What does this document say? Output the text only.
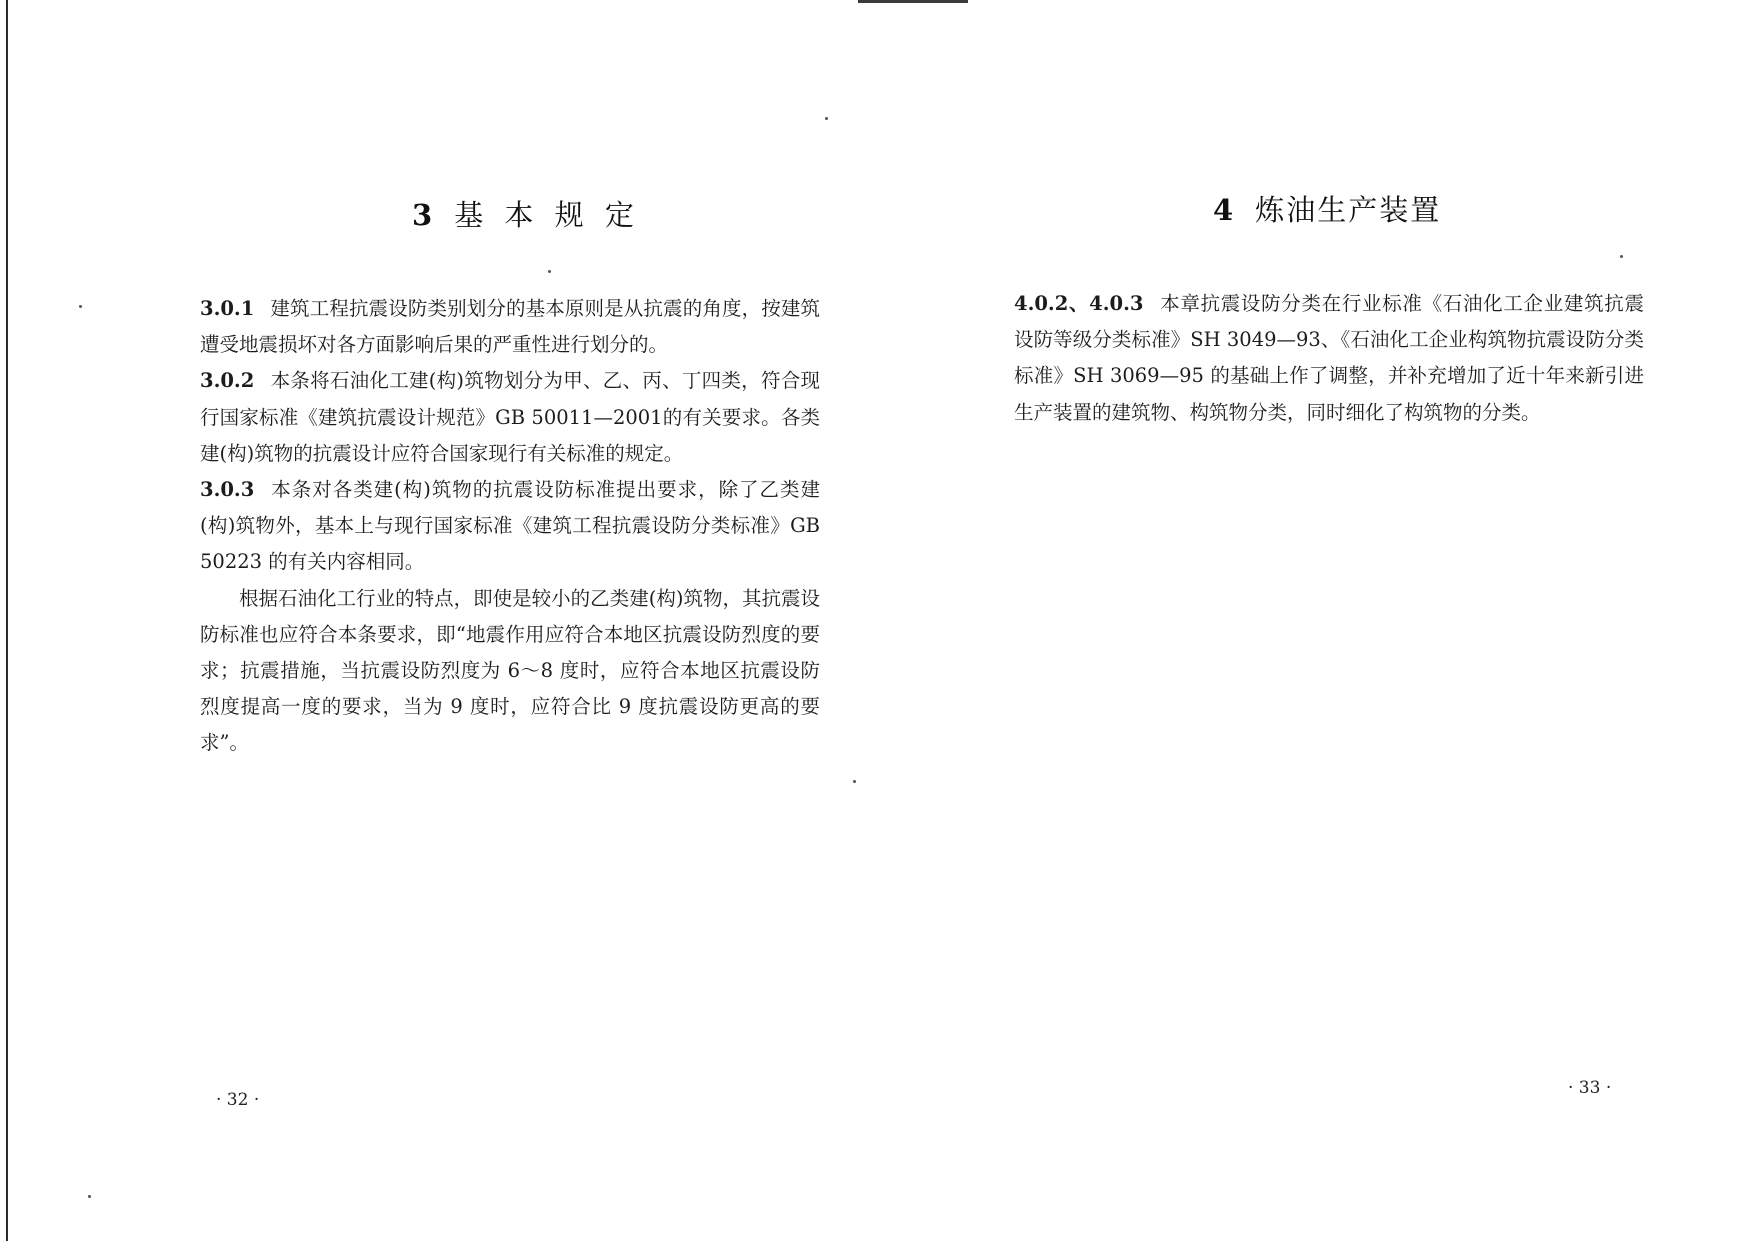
3 基 本 规 定

3.0.1 建筑工程抗震设防类别划分的基本原则是从抗震的角度，按建筑遭受地震损坏对各方面影响后果的严重性进行划分的。

3.0.2 本条将石油化工建(构)筑物划分为甲、乙、丙、丁四类，符合现行国家标准《建筑抗震设计规范》GB 50011—2001的有关要求。各类建(构)筑物的抗震设计应符合国家现行有关标准的规定。

3.0.3 本条对各类建(构)筑物的抗震设防标准提出要求，除了乙类建(构)筑物外，基本上与现行国家标准《建筑工程抗震设防分类标准》GB 50223 的有关内容相同。

根据石油化工行业的特点，即使是较小的乙类建(构)筑物，其抗震设防标准也应符合本条要求，即“地震作用应符合本地区抗震设防烈度的要求；抗震措施，当抗震设防烈度为 6～8 度时，应符合本地区抗震设防烈度提高一度的要求，当为 9 度时，应符合比 9 度抗震设防更高的要求”。

· 32 ·
4 炼油生产装置

4.0.2、4.0.3 本章抗震设防分类在行业标准《石油化工企业建筑抗震设防等级分类标准》SH 3049—93、《石油化工企业构筑物抗震设防分类标准》SH 3069—95 的基础上作了调整，并补充增加了近十年来新引进生产装置的建筑物、构筑物分类，同时细化了构筑物的分类。

· 33 ·
